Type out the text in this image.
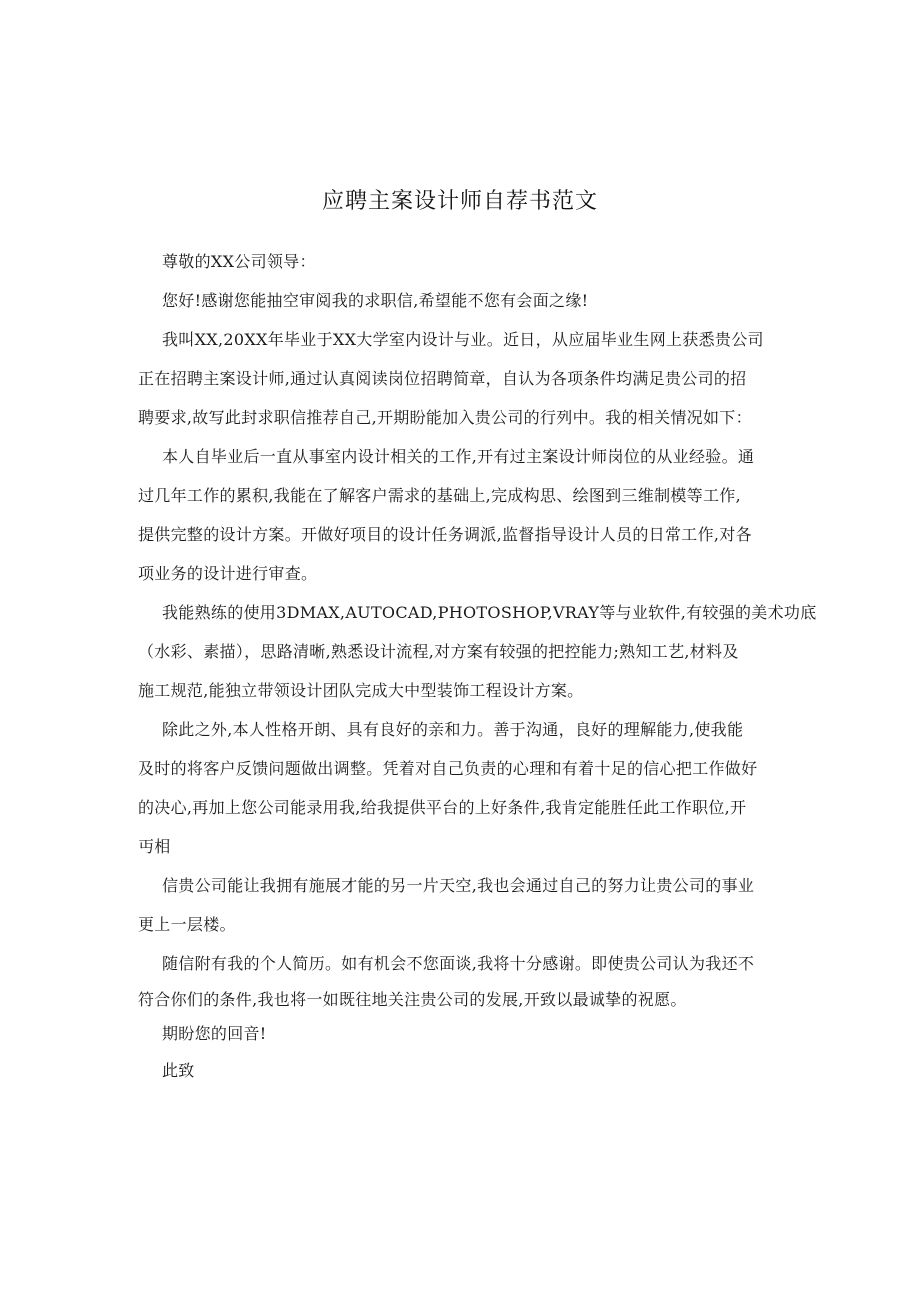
应聘主案设计师自荐书范文
尊敬的XX公司领导：
您好!感谢您能抽空审阅我的求职信,希望能不您有会面之缘!
我叫XX,20XX年毕业于XX大学室内设计与业。近日，从应届毕业生网上获悉贵公司
正在招聘主案设计师,通过认真阅读岗位招聘简章，自认为各项条件均满足贵公司的招
聘要求,故写此封求职信推荐自己,开期盼能加入贵公司的行列中。我的相关情况如下：
本人自毕业后一直从事室内设计相关的工作,开有过主案设计师岗位的从业经验。通
过几年工作的累积,我能在了解客户需求的基础上,完成构思、绘图到三维制模等工作,
提供完整的设计方案。开做好项目的设计任务调派,监督指导设计人员的日常工作,对各
项业务的设计进行审查。
我能熟练的使用3DMAX,AUTOCAD,PHOTOSHOP,VRAY等与业软件,有较强的美术功底
（水彩、素描），思路清晰,熟悉设计流程,对方案有较强的把控能力;熟知工艺,材料及
施工规范,能独立带领设计团队完成大中型装饰工程设计方案。
除此之外,本人性格开朗、具有良好的亲和力。善于沟通，良好的理解能力,使我能
及时的将客户反馈问题做出调整。凭着对自己负责的心理和有着十足的信心把工作做好
的决心,再加上您公司能录用我,给我提供平台的上好条件,我肯定能胜任此工作职位,开
丏相
信贵公司能让我拥有施展才能的另一片天空,我也会通过自己的努力让贵公司的事业
更上一层楼。
随信附有我的个人简历。如有机会不您面谈,我将十分感谢。即使贵公司认为我还不
符合你们的条件,我也将一如既往地关注贵公司的发展,开致以最诚挚的祝愿。
期盼您的回音!
此致
